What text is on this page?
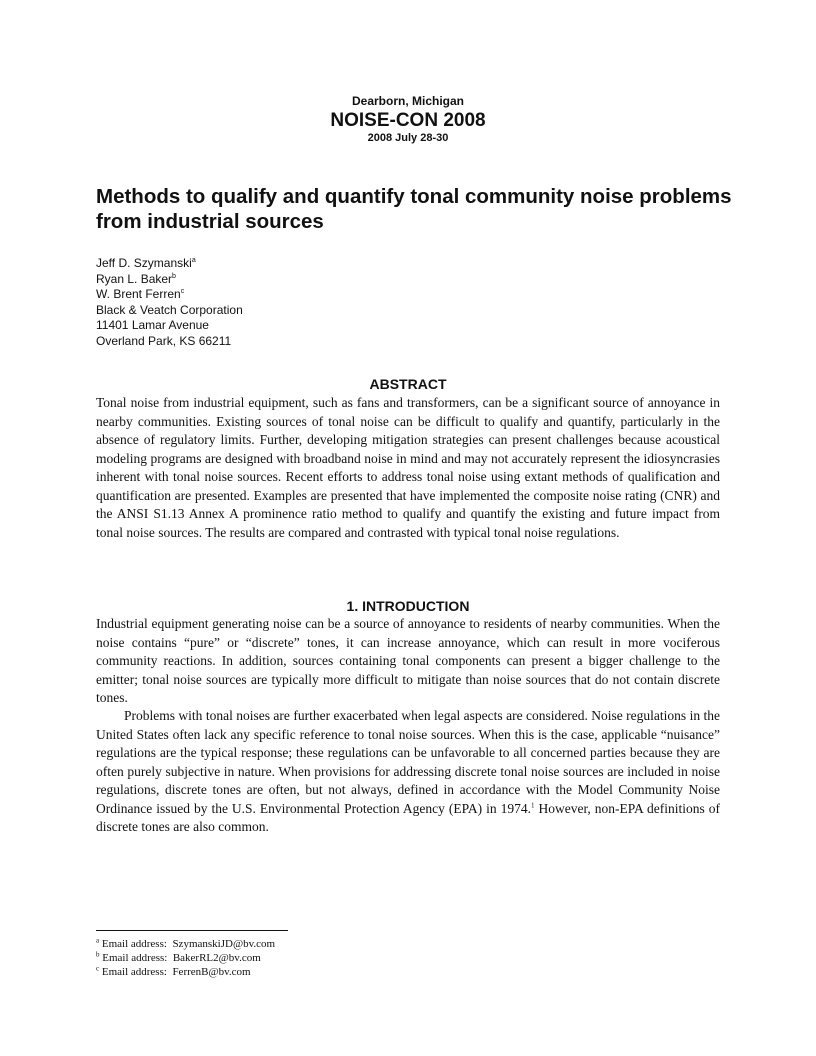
Dearborn, Michigan
NOISE-CON 2008
2008 July 28-30
Methods to qualify and quantify tonal community noise problems from industrial sources
Jeff D. Szymanski$^a$
Ryan L. Baker$^b$
W. Brent Ferren$^c$
Black & Veatch Corporation
11401 Lamar Avenue
Overland Park, KS 66211
ABSTRACT

Tonal noise from industrial equipment, such as fans and transformers, can be a significant source of annoyance in nearby communities. Existing sources of tonal noise can be difficult to qualify and quantify, particularly in the absence of regulatory limits. Further, developing mitigation strategies can present challenges because acoustical modeling programs are designed with broadband noise in mind and may not accurately represent the idiosyncrasies inherent with tonal noise sources. Recent efforts to address tonal noise using extant methods of qualification and quantification are presented. Examples are presented that have implemented the composite noise rating (CNR) and the ANSI S1.13 Annex A prominence ratio method to qualify and quantify the existing and future impact from tonal noise sources. The results are compared and contrasted with typical tonal noise regulations.

1. INTRODUCTION

Industrial equipment generating noise can be a source of annoyance to residents of nearby communities. When the noise contains “pure” or “discrete” tones, it can increase annoyance, which can result in more vociferous community reactions. In addition, sources containing tonal components can present a bigger challenge to the emitter; tonal noise sources are typically more difficult to mitigate than noise sources that do not contain discrete tones.

Problems with tonal noises are further exacerbated when legal aspects are considered. Noise regulations in the United States often lack any specific reference to tonal noise sources. When this is the case, applicable “nuisance” regulations are the typical response; these regulations can be unfavorable to all concerned parties because they are often purely subjective in nature. When provisions for addressing discrete tonal noise sources are included in noise regulations, discrete tones are often, but not always, defined in accordance with the Model Community Noise Ordinance issued by the U.S. Environmental Protection Agency (EPA) in 1974.$^1$ However, non-EPA definitions of discrete tones are also common.

$^a$ Email address: SzymanskiJD@bv.com
$^b$ Email address: BakerRL2@bv.com
$^c$ Email address: FerrenB@bv.com
